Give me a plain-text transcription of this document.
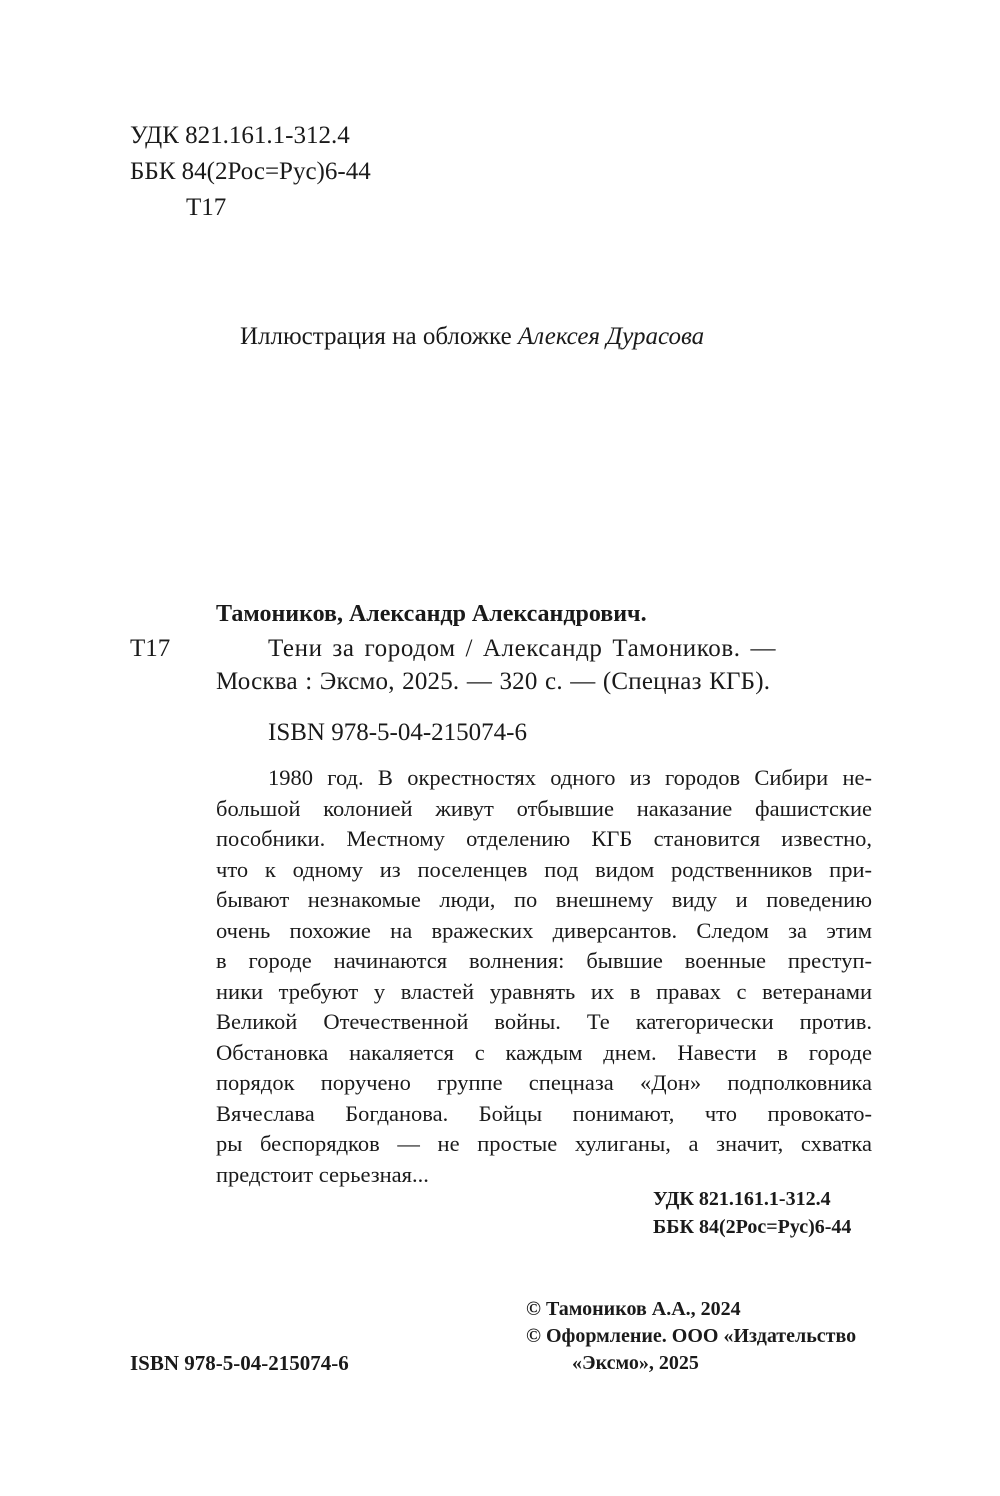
УДК 821.161.1-312.4
ББК 84(2Рос=Рус)6-44
Т17
Иллюстрация на обложке Алексея Дурасова
Тамоников, Александр Александрович.
Т17	Тени за городом / Александр Тамоников. —
Москва : Эксмо, 2025. — 320 с. — (Спецназ КГБ).
ISBN 978-5-04-215074-6

1980 год. В окрестностях одного из городов Сибири не-

большой колонией живут отбывшие наказание фашистские

пособники. Местному отделению КГБ становится известно,

что к одному из поселенцев под видом родственников при-

бывают незнакомые люди, по внешнему виду и поведению

очень похожие на вражеских диверсантов. Следом за этим

в городе начинаются волнения: бывшие военные преступ-

ники требуют у властей уравнять их в правах с ветеранами

Великой Отечественной войны. Те категорически против.

Обстановка накаляется с каждым днем. Навести в городе

порядок поручено группе спецназа «Дон» подполковника

Вячеслава Богданова. Бойцы понимают, что провокато-

ры беспорядков — не простые хулиганы, а значит, схватка

предстоит серьезная...

УДК 821.161.1-312.4
ББК 84(2Рос=Рус)6-44
© Тамоников А.А., 2024
© Оформление. ООО «Издательство
«Эксмо», 2025
ISBN 978-5-04-215074-6
